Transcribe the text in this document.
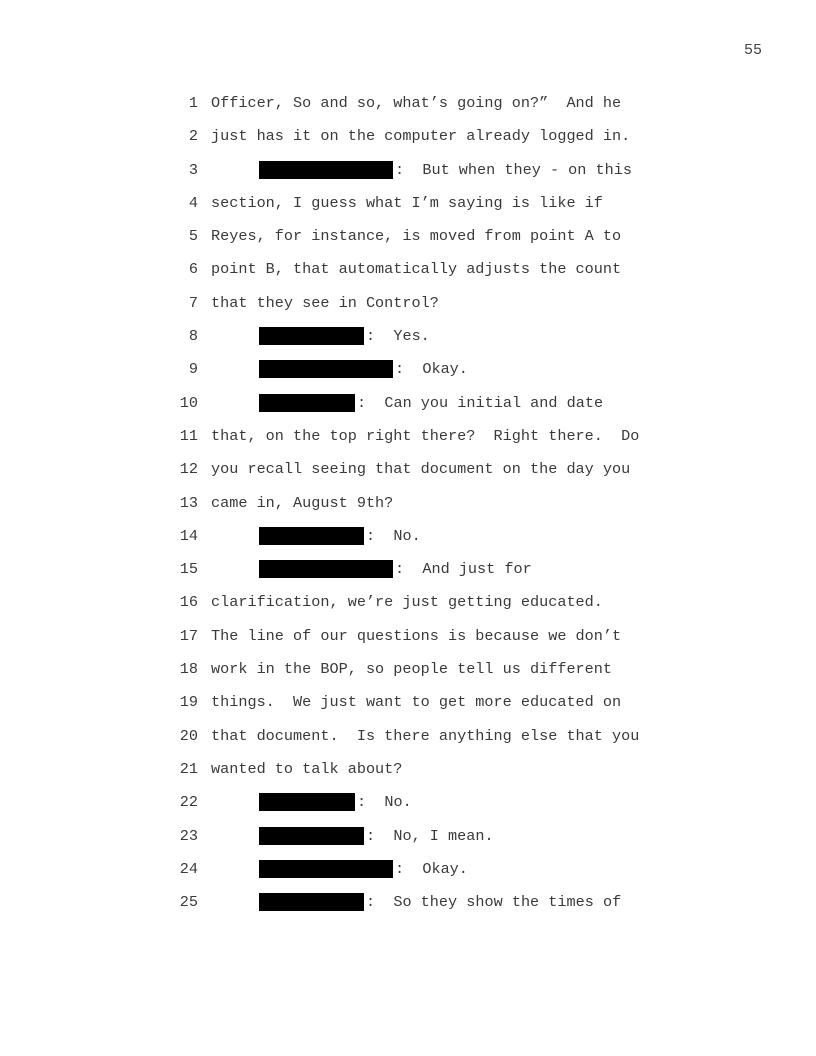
55
1 Officer, So and so, what’s going on?”  And he
2 just has it on the computer already logged in.
3	:  But when they - on this
4 section, I guess what I’m saying is like if
5 Reyes, for instance, is moved from point A to
6 point B, that automatically adjusts the count
7 that they see in Control?
8	:  Yes.
9	:  Okay.
10	:  Can you initial and date
11 that, on the top right there?  Right there.  Do
12 you recall seeing that document on the day you
13 came in, August 9th?
14	:  No.
15	:  And just for
16 clarification, we’re just getting educated.
17 The line of our questions is because we don’t
18 work in the BOP, so people tell us different
19 things.  We just want to get more educated on
20 that document.  Is there anything else that you
21 wanted to talk about?
22	:  No.
23	:  No, I mean.
24	:  Okay.
25	:  So they show the times of
